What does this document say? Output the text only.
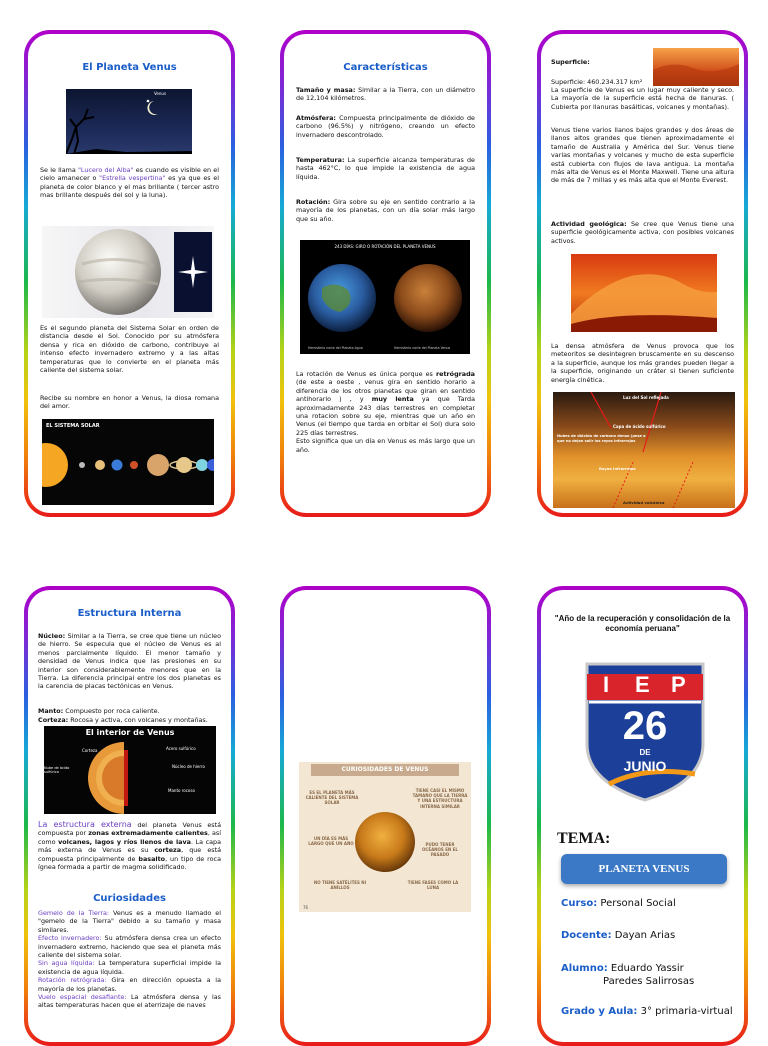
El Planeta Venus
Venus

Se le llama "Lucero del Alba" es cuando es visible en el cielo amanecer o "Estrella vespertina" es ya que es el planeta de color blanco y el mas brillante ( tercer astro mas brillante después del sol y la luna).

Es el segundo planeta del Sistema Solar en orden de distancia desde el Sol. Conocido por su atmósfera densa y rica en dióxido de carbono, contribuye al intenso efecto invernadero extremo y a las altas temperaturas que lo convierte en el planeta más caliente del sistema solar.

Recibe su nombre en honor a Venus, la diosa romana del amor.

EL SISTEMA SOLAR
Características

Tamaño y masa: Similar a la Tierra, con un diámetro de 12,104 kilómetros.

Atmósfera: Compuesta principalmente de dióxido de carbono (96.5%) y nitrógeno, creando un efecto invernadero descontrolado.

Temperatura: La superficie alcanza temperaturas de hasta 462°C, lo que impide la existencia de agua líquida.

Rotación: Gira sobre su eje en sentido contrario a la mayoría de los planetas, con un día solar más largo que su año.

243 DÍAS: GIRO O ROTACIÓN DEL PLANETA VENUS
Hemisferio norte del Planeta Agua	Hemisferio norte del Planeta Venus

La rotación de Venus es única porque es retrógrada (de este a oeste , venus gira en sentido horario a diferencia de los otros planetas que giran en sentido antihorario ) , y muy lenta ya que Tarda aproximadamente 243 días terrestres en completar una rotacion sobre su eje, mientras que un año en Venus (el tiempo que tarda en orbitar el Sol) dura solo 225 días terrestres.
Esto significa que un día en Venus es más largo que un año.

Superficie:
Superficie: 460.234.317 km²

La superficie de Venus es un lugar muy caliente y seco. La mayoría de la superficie está hecha de llanuras. ( Cubierta por llanuras basálticas, volcanes y montañas).

Venus tiene varios llanos bajos grandes y dos áreas de llanos altos grandes que tienen aproximadamente el tamaño de Australia y América del Sur. Venus tiene varias montañas y volcanes y mucho de esta superficie está cubierta con flujos de lava antigua. La montaña más alta de Venus es el Monte Maxwell. Tiene una altura de más de 7 millas y es más alta que el Monte Everest.

Actividad geológica: Se cree que Venus tiene una superficie geológicamente activa, con posibles volcanes activos.

La densa atmósfera de Venus provoca que los meteoritos se desintegren bruscamente en su descenso a la superficie, aunque los más grandes pueden llegar a la superficie, originando un cráter si tienen suficiente energía cinética.

Luz del Sol reflejada
Capa de ácido sulfúrico
Nubes de dióxido de carbono denso (pese a que no dejan salir los rayos infrarrojos
Rayos infrarrojos
Actividad volcánica
Estructura Interna

Núcleo: Similar a la Tierra, se cree que tiene un núcleo de hierro. Se especula que el núcleo de Venus es al menos parcialmente líquido. El menor tamaño y densidad de Venus indica que las presiones en su interior son considerablemente menores que en la Tierra. La diferencia principal entre los dos planetas es la carencia de placas tectónicas en Venus.

Manto: Compuesto por roca caliente.

Corteza: Rocosa y activa, con volcanes y montañas.

El interior de Venus
Corteza	Acero sulfúrico
Núcleo de hierro
Manto rocoso
Nube de ácido sulfúrico

La estructura externa del planeta Venus está compuesta por zonas extremadamente calientes, así como volcanes, lagos y ríos llenos de lava. La capa más externa de Venus es su corteza, que está compuesta principalmente de basalto, un tipo de roca ígnea formada a partir de magma solidificado.

Curiosidades

Gemelo de la Tierra: Venus es a menudo llamado el "gemelo de la Tierra" debido a su tamaño y masa similares.
Efecto invernadero: Su atmósfera densa crea un efecto invernadero extremo, haciendo que sea el planeta más caliente del sistema solar.
Sin agua líquida: La temperatura superficial impide la existencia de agua líquida.
Rotación retrógrada: Gira en dirección opuesta a la mayoría de los planetas.
Vuelo espacial desafiante: La atmósfera densa y las altas temperaturas hacen que el aterrizaje de naves

CURIOSIDADES DE VENUS
ES EL PLANETA MÁS CALIENTE DEL SISTEMA SOLAR
TIENE CASI EL MISMO TAMAÑO QUE LA TIERRA Y UNA ESTRUCTURA INTERNA SIMILAR
UN DÍA ES MÁS LARGO QUE UN AÑO	PUDO TENER OCÉANOS EN EL PASADO
NO TIENE SATÉLITES NI ANILLOS
TIENE FASES COMO LA LUNA
76
"Año de la recuperación y consolidación de la economía peruana"
I E P
26
DE
JUNIO
TEMA:
PLANETA VENUS
Curso: Personal Social
Docente: Dayan Arias
Alumno: Eduardo Yassir
Paredes Salirrosas
Grado y Aula: 3° primaria-virtual
